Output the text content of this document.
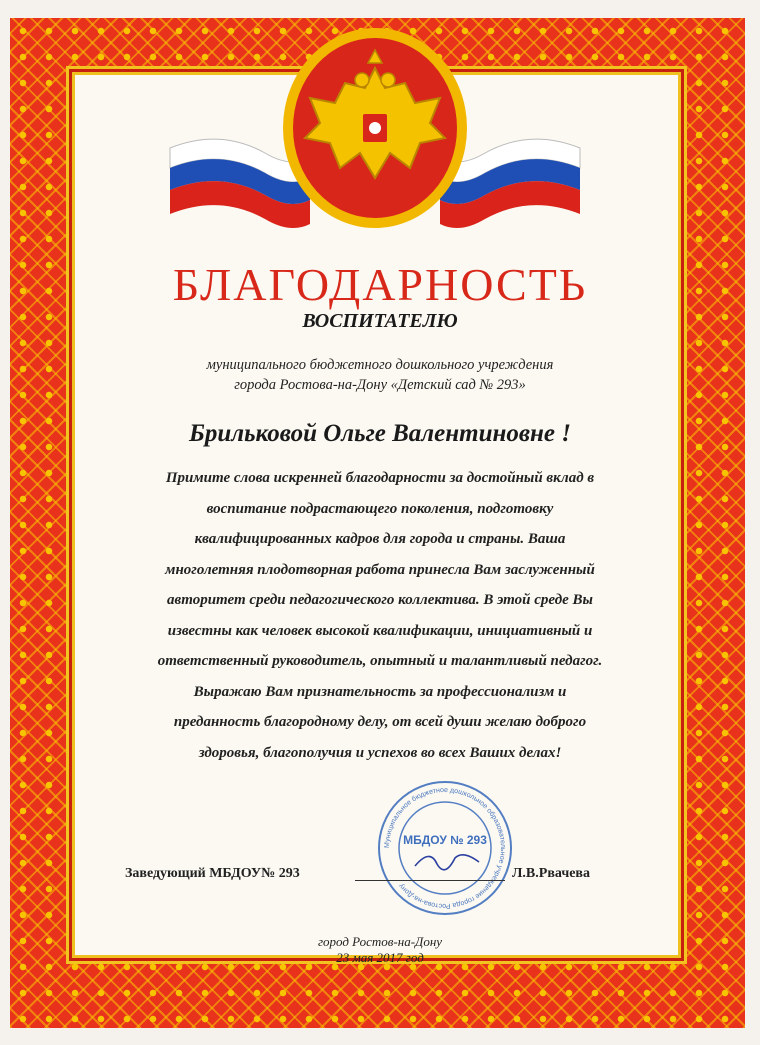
БЛАГОДАРНОСТЬ
ВОСПИТАТЕЛЮ
муниципального бюджетного дошкольного учреждения
города Ростова-на-Дону «Детский сад № 293»
Брильковой Ольге Валентиновне !

Примите слова искренней благодарности за достойный вклад в

воспитание подрастающего поколения, подготовку

квалифицированных кадров для города и страны. Ваша

многолетняя плодотворная работа принесла Вам заслуженный

авторитет среди педагогического коллектива. В этой среде Вы

известны как человек высокой квалификации, инициативный и

ответственный руководитель, опытный и талантливый педагог.

Выражаю Вам признательность за профессионализм и

преданность благородному делу, от всей души желаю доброго

здоровья, благополучия и успехов во всех Ваших делах!

Муниципальное бюджетное дошкольное образовательное учреждение города Ростова-на-Дону
МБДОУ № 293
Заведующий МБДОУ№ 293	Л.В.Рвачева
город Ростов-на-Дону
23 мая 2017 год
